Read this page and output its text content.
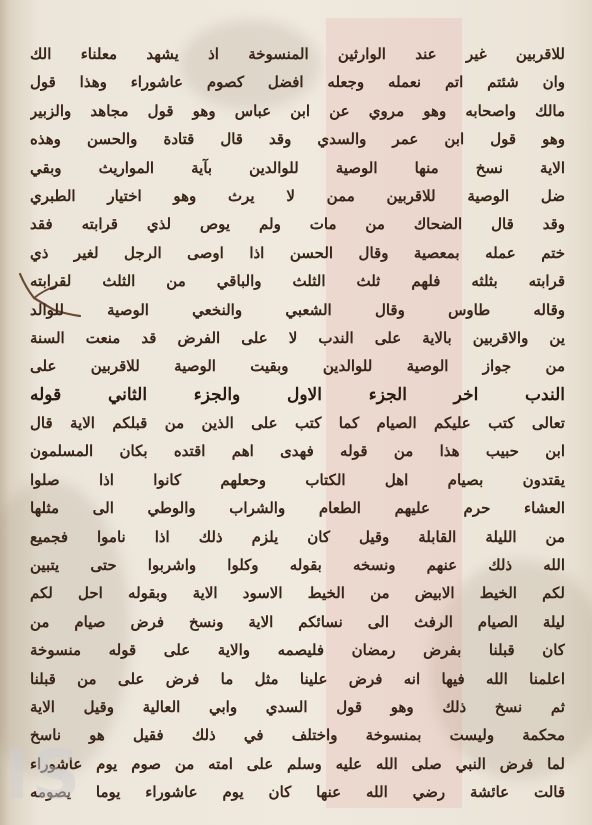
للاقربين غير عند الوارثين المنسوخة اذ يشهد معلناء الك
وان شئتم اتم نعمله وجعله افضل كصوم عاشوراء وهذا قول
مالك واصحابه وهو مروي عن ابن عباس وهو قول مجاهد والزبير
وهو قول ابن عمر والسدي وقد قال قتادة والحسن وهذه
الاية نسخ منها الوصية للوالدين بآية المواريث وبقي
ضل الوصية للاقربين ممن لا يرث وهو اختيار الطبري
وقد قال الضحاك من مات ولم يوص لذي قرابته فقد
ختم عمله بمعصية وقال الحسن اذا اوصى الرجل لغير ذي
قرابته بثلثه فلهم ثلث الثلث والباقي من الثلث لقرابته
وقاله طاوس وقال الشعبي والنخعي الوصية للوالد
ين والاقربين بالاية على الندب لا على الفرض قد منعت السنة
من جواز الوصية للوالدين وبقيت الوصية للاقربين على
الندب اخر الجزء الاول والجزء الثاني قوله
تعالى كتب عليكم الصيام كما كتب على الذين من قبلكم الاية قال
ابن حبيب هذا من قوله فهدى اهم اقتده بكان المسلمون
يقتدون بصيام اهل الكتاب وحعلهم كانوا اذا صلوا
العشاء حرم عليهم الطعام والشراب والوطي الى مثلها
من الليلة القابلة وقيل كان يلزم ذلك اذا ناموا فجميع
الله ذلك عنهم ونسخه بقوله وكلوا واشربوا حتى يتبين
لكم الخيط الابيض من الخيط الاسود الاية وبقوله احل لكم
ليلة الصيام الرفث الى نسائكم الاية ونسخ فرض صيام من
كان قبلنا بفرض رمضان فليصمه والاية على قوله منسوخة
اعلمنا الله فيها انه فرض علينا مثل ما فرض على من قبلنا
ثم نسخ ذلك وهو قول السدي وابي العالية وقيل الاية
محكمة وليست بمنسوخة واختلف في ذلك فقيل هو ناسخ
لما فرض النبي صلى الله عليه وسلم على امته من صوم يوم عاشوراء
قالت عائشة رضي الله عنها كان يوم عاشوراء يوما يصومه
IS
